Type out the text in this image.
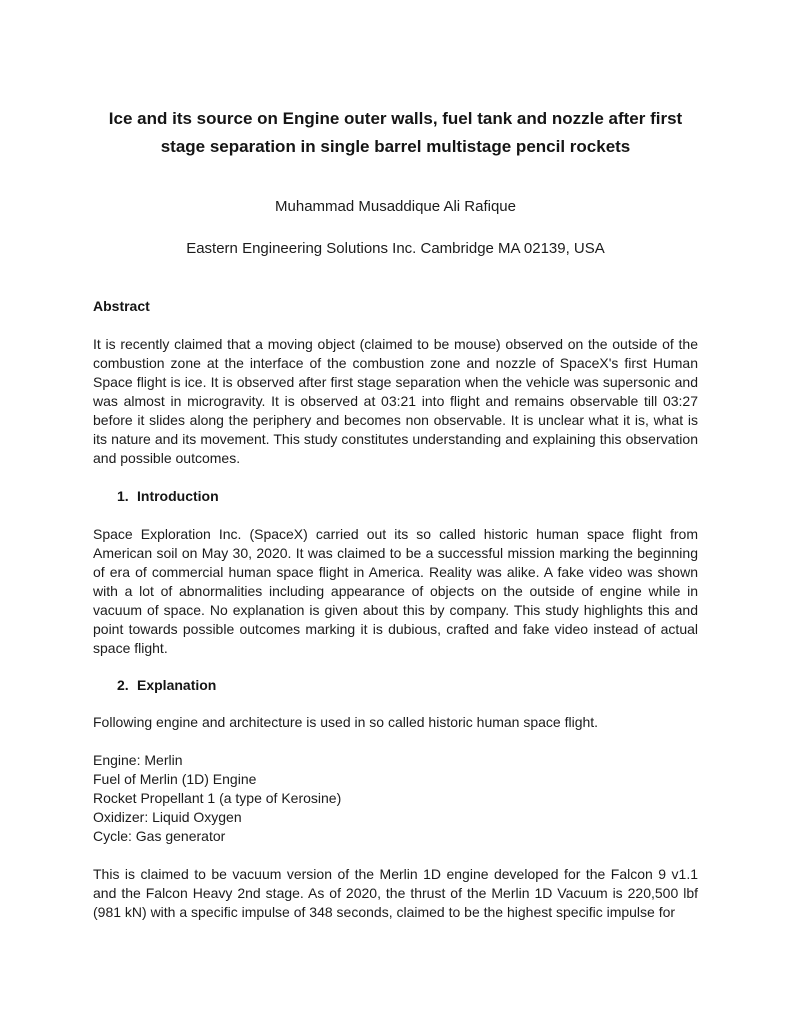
Ice and its source on Engine outer walls, fuel tank and nozzle after first stage separation in single barrel multistage pencil rockets
Muhammad Musaddique Ali Rafique
Eastern Engineering Solutions Inc. Cambridge MA 02139, USA
Abstract

It is recently claimed that a moving object (claimed to be mouse) observed on the outside of the combustion zone at the interface of the combustion zone and nozzle of SpaceX's first Human Space flight is ice. It is observed after first stage separation when the vehicle was supersonic and was almost in microgravity. It is observed at 03:21 into flight and remains observable till 03:27 before it slides along the periphery and becomes non observable. It is unclear what it is, what is its nature and its movement. This study constitutes understanding and explaining this observation and possible outcomes.

1. Introduction

Space Exploration Inc. (SpaceX) carried out its so called historic human space flight from American soil on May 30, 2020. It was claimed to be a successful mission marking the beginning of era of commercial human space flight in America. Reality was alike. A fake video was shown with a lot of abnormalities including appearance of objects on the outside of engine while in vacuum of space. No explanation is given about this by company. This study highlights this and point towards possible outcomes marking it is dubious, crafted and fake video instead of actual space flight.

2. Explanation

Following engine and architecture is used in so called historic human space flight.

Engine: Merlin
Fuel of Merlin (1D) Engine
Rocket Propellant 1 (a type of Kerosine)
Oxidizer: Liquid Oxygen
Cycle: Gas generator

This is claimed to be vacuum version of the Merlin 1D engine developed for the Falcon 9 v1.1 and the Falcon Heavy 2nd stage. As of 2020, the thrust of the Merlin 1D Vacuum is 220,500 lbf (981 kN) with a specific impulse of 348 seconds, claimed to be the highest specific impulse for
